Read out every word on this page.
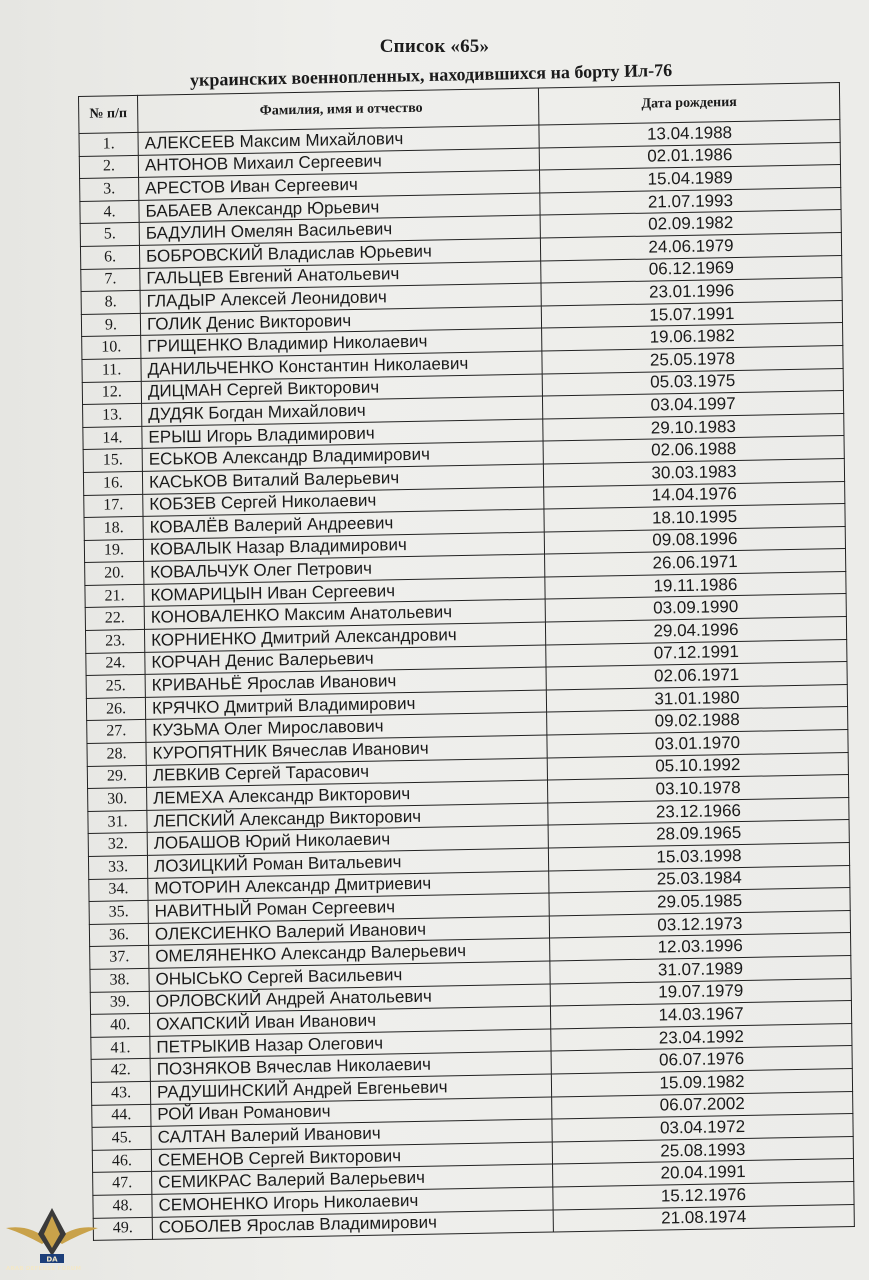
Список «65»
украинских военнопленных, находившихся на борту Ил-76
№ п/п	Фамилия, имя и отчество	Дата рождения
1.	АЛЕКСЕЕВ Максим Михайлович	13.04.1988
2.	АНТОНОВ Михаил Сергеевич	02.01.1986
3.	АРЕСТОВ Иван Сергеевич	15.04.1989
4.	БАБАЕВ Александр Юрьевич	21.07.1993
5.	БАДУЛИН Омелян Васильевич	02.09.1982
6.	БОБРОВСКИЙ Владислав Юрьевич	24.06.1979
7.	ГАЛЬЦЕВ Евгений Анатольевич	06.12.1969
8.	ГЛАДЫР Алексей Леонидович	23.01.1996
9.	ГОЛИК Денис Викторович	15.07.1991
10.	ГРИЩЕНКО Владимир Николаевич	19.06.1982
11.	ДАНИЛЬЧЕНКО Константин Николаевич	25.05.1978
12.	ДИЦМАН Сергей Викторович	05.03.1975
13.	ДУДЯК Богдан Михайлович	03.04.1997
14.	ЕРЫШ Игорь Владимирович	29.10.1983
15.	ЕСЬКОВ Александр Владимирович	02.06.1988
16.	КАСЬКОВ Виталий Валерьевич	30.03.1983
17.	КОБЗЕВ Сергей Николаевич	14.04.1976
18.	КОВАЛЁВ Валерий Андреевич	18.10.1995
19.	КОВАЛЫК Назар Владимирович	09.08.1996
20.	КОВАЛЬЧУК Олег Петрович	26.06.1971
21.	КОМАРИЦЫН Иван Сергеевич	19.11.1986
22.	КОНОВАЛЕНКО Максим Анатольевич	03.09.1990
23.	КОРНИЕНКО Дмитрий Александрович	29.04.1996
24.	КОРЧАН Денис Валерьевич	07.12.1991
25.	КРИВАНЬЁ Ярослав Иванович	02.06.1971
26.	КРЯЧКО Дмитрий Владимирович	31.01.1980
27.	КУЗЬМА Олег Мирославович	09.02.1988
28.	КУРОПЯТНИК Вячеслав Иванович	03.01.1970
29.	ЛЕВКИВ Сергей Тарасович	05.10.1992
30.	ЛЕМЕХА Александр Викторович	03.10.1978
31.	ЛЕПСКИЙ Александр Викторович	23.12.1966
32.	ЛОБАШОВ Юрий Николаевич	28.09.1965
33.	ЛОЗИЦКИЙ Роман Витальевич	15.03.1998
34.	МОТОРИН Александр Дмитриевич	25.03.1984
35.	НАВИТНЫЙ Роман Сергеевич	29.05.1985
36.	ОЛЕКСИЕНКО Валерий Иванович	03.12.1973
37.	ОМЕЛЯНЕНКО Александр Валерьевич	12.03.1996
38.	ОНЫСЬКО Сергей Васильевич	31.07.1989
39.	ОРЛОВСКИЙ Андрей Анатольевич	19.07.1979
40.	ОХАПСКИЙ Иван Иванович	14.03.1967
41.	ПЕТРЫКИВ Назар Олегович	23.04.1992
42.	ПОЗНЯКОВ Вячеслав Николаевич	06.07.1976
43.	РАДУШИНСКИЙ Андрей Евгеньевич	15.09.1982
44.	РОЙ Иван Романович	06.07.2002
45.	САЛТАН Валерий Иванович	03.04.1972
46.	СЕМЕНОВ Сергей Викторович	25.08.1993
47.	СЕМИКРАС Валерий Валерьевич	20.04.1991
48.	СЕМОНЕНКО Игорь Николаевич	15.12.1976
49.	СОБОЛЕВ Ярослав Владимирович	21.08.1974
DA
ARAB DEFENSE FORUM
